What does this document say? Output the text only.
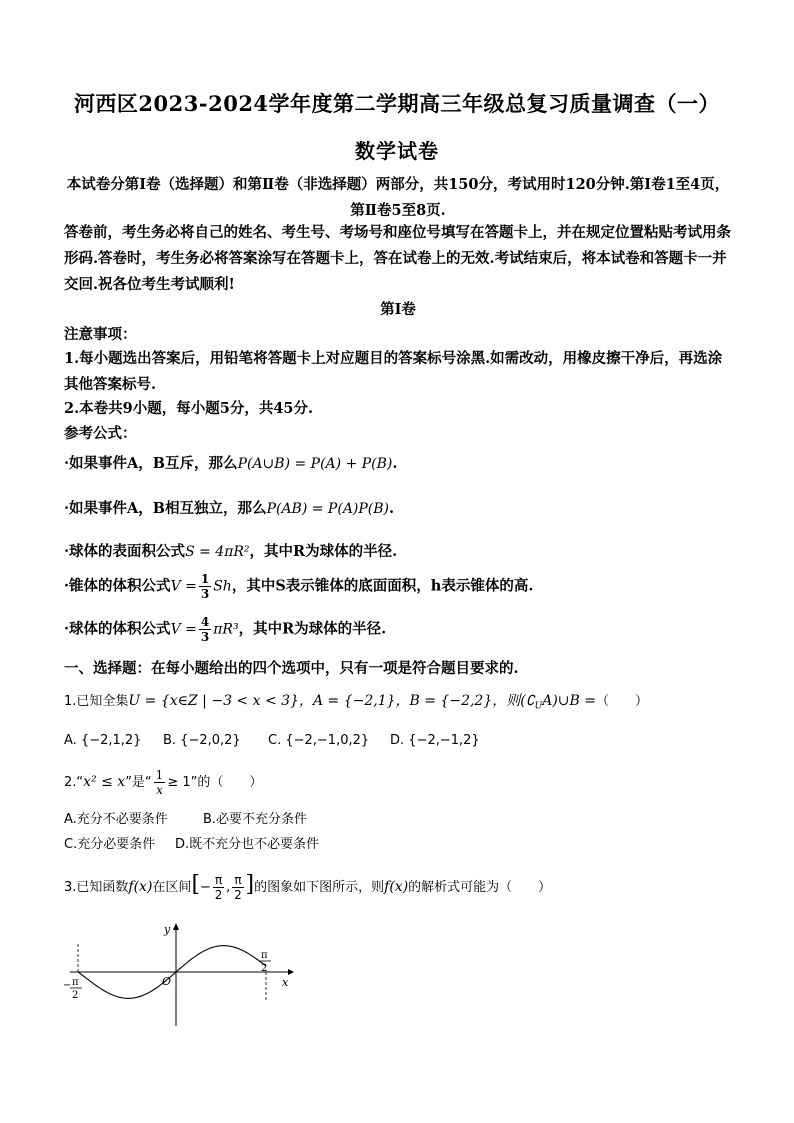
河西区2023-2024学年度第二学期高三年级总复习质量调查（一）
数学试卷
本试卷分第Ⅰ卷（选择题）和第Ⅱ卷（非选择题）两部分，共150分，考试用时120分钟.第Ⅰ卷1至4页，第Ⅱ卷5至8页.
答卷前，考生务必将自己的姓名、考生号、考场号和座位号填写在答题卡上，并在规定位置粘贴考试用条形码.答卷时，考生务必将答案涂写在答题卡上，答在试卷上的无效.考试结束后，将本试卷和答题卡一并交回.祝各位考生考试顺利!
第Ⅰ卷
注意事项：
1.每小题选出答案后，用铅笔将答题卡上对应题目的答案标号涂黑.如需改动，用橡皮擦干净后，再选涂其他答案标号.
2.本卷共9小题，每小题5分，共45分.
参考公式：
·如果事件A，B互斥，那么P(A∪B) = P(A) + P(B).
·如果事件A，B相互独立，那么P(AB) = P(A)P(B).
·球体的表面积公式S = 4πR²，其中R为球体的半径.
·锥体的体积公式$V = \frac{1}{3}$ Sh，其中S表示锥体的底面面积，h表示锥体的高.
·球体的体积公式$V = \frac{4}{3} \pi R^3$，其中R为球体的半径.
一、选择题：在每小题给出的四个选项中，只有一项是符合题目要求的.
1.已知全集U = {x∈Z | −3 < x < 3}，A = {−2,1}，B = {−2,2}，则$(∁_UA)\cup B$ =（　　）
A. {−2,1,2} B. {−2,0,2} C. {−2,−1,0,2} D. {−2,−1,2}
2.“x² ≤ x”是“ $\frac{1}{x} \ge 1$”的（　　）
A.充分不必要条件	B.必要不充分条件
C.充分必要条件 D.既不充分也不必要条件
3.已知函数f(x)在区间[− $\frac{\pi}{2}$ , $\frac{\pi}{2}$ ]的图象如下图所示，则f(x)的解析式可能为（　　）
y
x
O
π
2
− π
2
